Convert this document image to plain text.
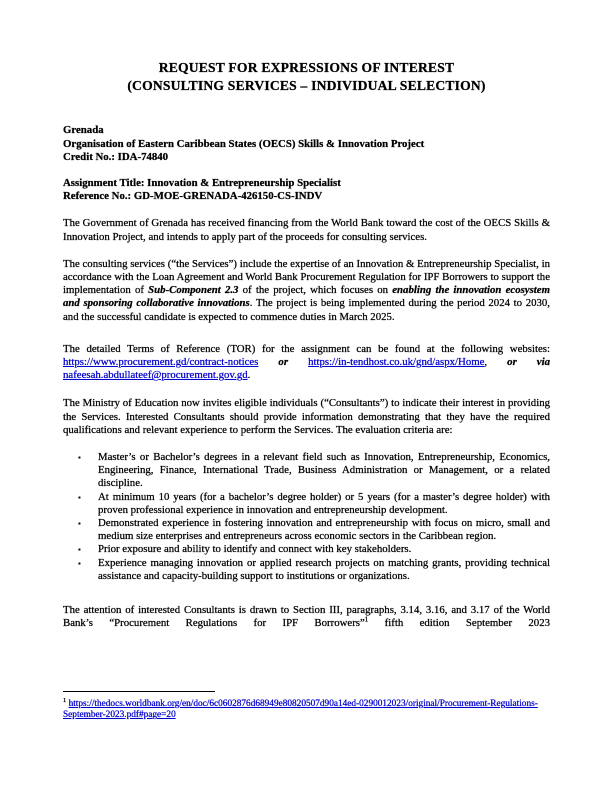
REQUEST FOR EXPRESSIONS OF INTEREST
(CONSULTING SERVICES – INDIVIDUAL SELECTION)
Grenada
Organisation of Eastern Caribbean States (OECS) Skills & Innovation Project
Credit No.: IDA-74840
Assignment Title: Innovation & Entrepreneurship Specialist
Reference No.: GD-MOE-GRENADA-426150-CS-INDV

The Government of Grenada has received financing from the World Bank toward the cost of the OECS Skills & Innovation Project, and intends to apply part of the proceeds for consulting services.

The consulting services (“the Services”) include the expertise of an Innovation & Entrepreneurship Specialist, in accordance with the Loan Agreement and World Bank Procurement Regulation for IPF Borrowers to support the implementation of Sub-Component 2.3 of the project, which focuses on enabling the innovation ecosystem and sponsoring collaborative innovations. The project is being implemented during the period 2024 to 2030, and the successful candidate is expected to commence duties in March 2025.

The detailed Terms of Reference (TOR) for the assignment can be found at the following websites: https://www.procurement.gd/contract-notices or https://in-tendhost.co.uk/gnd/aspx/Home, or via nafeesah.abdullateef@procurement.gov.gd.

The Ministry of Education now invites eligible individuals (“Consultants”) to indicate their interest in providing the Services. Interested Consultants should provide information demonstrating that they have the required qualifications and relevant experience to perform the Services. The evaluation criteria are:

▪	Master’s or Bachelor’s degrees in a relevant field such as Innovation, Entrepreneurship, Economics, Engineering, Finance, International Trade, Business Administration or Management, or a related discipline.
▪	At minimum 10 years (for a bachelor’s degree holder) or 5 years (for a master’s degree holder) with proven professional experience in innovation and entrepreneurship development.
▪	Demonstrated experience in fostering innovation and entrepreneurship with focus on micro, small and medium size enterprises and entrepreneurs across economic sectors in the Caribbean region.
▪	Prior exposure and ability to identify and connect with key stakeholders.
▪	Experience managing innovation or applied research projects on matching grants, providing technical assistance and capacity-building support to institutions or organizations.

The attention of interested Consultants is drawn to Section III, paragraphs, 3.14, 3.16, and 3.17 of the World Bank’s “Procurement Regulations for IPF Borrowers”$^1$ fifth edition September 2023

$^1$ https://thedocs.worldbank.org/en/doc/6c0602876d68949e80820507d90a14ed-0290012023/original/Procurement-Regulations-September-2023.pdf#page=20
